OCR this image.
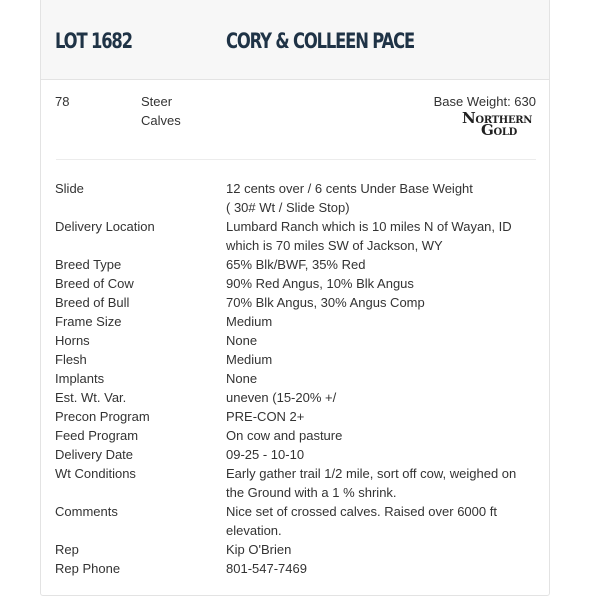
LOT 1682	CORY & COLLEEN PACE
78	Steer
Calves
Base Weight: 630
NORTHERN
GOLD
Slide
Delivery Location
Breed Type
Breed of Cow
Breed of Bull
Frame Size
Horns
Flesh
Implants
Est. Wt. Var.
Precon Program
Feed Program
Delivery Date
Wt Conditions
Comments
Rep
Rep Phone
12 cents over / 6 cents Under Base Weight
( 30# Wt / Slide Stop)
Lumbard Ranch which is 10 miles N of Wayan, ID
which is 70 miles SW of Jackson, WY
65% Blk/BWF, 35% Red
90% Red Angus, 10% Blk Angus
70% Blk Angus, 30% Angus Comp
Medium
None
Medium
None
uneven (15-20% +/
PRE-CON 2+
On cow and pasture
09-25 - 10-10
Early gather trail 1/2 mile, sort off cow, weighed on
the Ground with a 1 % shrink.
Nice set of crossed calves. Raised over 6000 ft
elevation.
Kip O'Brien
801-547-7469
